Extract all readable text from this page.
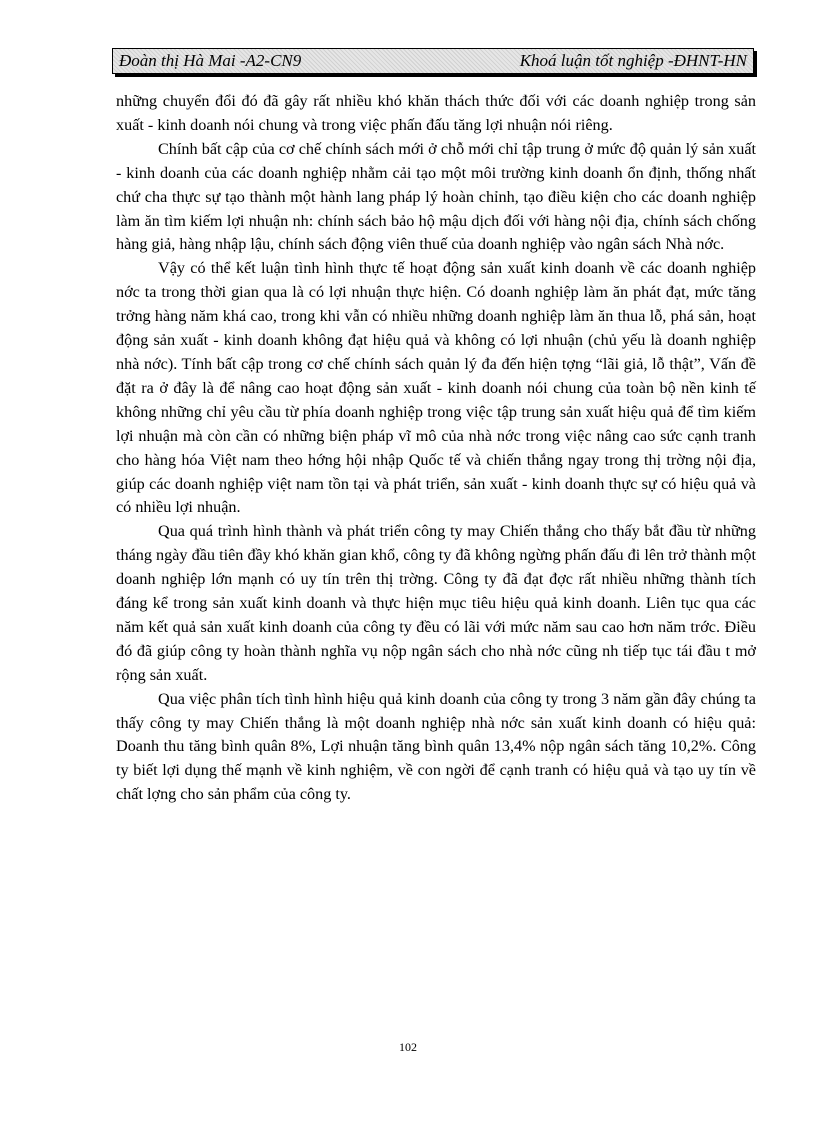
Đoàn thị Hà Mai -A2-CN9	Khoá luận tốt nghiệp -ĐHNT-HN

những chuyển đổi đó đã gây rất nhiều khó khăn thách thức đối với các doanh nghiệp trong sản xuất - kinh doanh nói chung và trong việc phấn đấu tăng lợi nhuận nói riêng.

Chính bất cập của cơ chế chính sách mới ở chỗ mới chỉ tập trung ở mức độ quản lý sản xuất - kinh doanh của các doanh nghiệp nhằm cải tạo một môi trường kinh doanh ổn định, thống nhất chứ cha thực sự tạo thành một hành lang pháp lý hoàn chỉnh, tạo điều kiện cho các doanh nghiệp làm ăn tìm kiếm lợi nhuận nh: chính sách bảo hộ mậu dịch đối với hàng nội địa, chính sách chống hàng giả, hàng nhập lậu, chính sách động viên thuế của doanh nghiệp vào ngân sách Nhà nớc.

Vậy có thể kết luận tình hình thực tế hoạt động sản xuất kinh doanh về các doanh nghiệp nớc ta trong thời gian qua là có lợi nhuận thực hiện. Có doanh nghiệp làm ăn phát đạt, mức tăng trởng hàng năm khá cao, trong khi vẫn có nhiều những doanh nghiệp làm ăn thua lỗ, phá sản, hoạt động sản xuất - kinh doanh không đạt hiệu quả và không có lợi nhuận (chủ yếu là doanh nghiệp nhà nớc). Tính bất cập trong cơ chế chính sách quản lý đa đến hiện tợng “lãi giả, lỗ thật”, Vấn đề đặt ra ở đây là để nâng cao hoạt động sản xuất - kinh doanh nói chung của toàn bộ nền kinh tế không những chỉ yêu cầu từ phía doanh nghiệp trong việc tập trung sản xuất hiệu quả để tìm kiếm lợi nhuận mà còn cần có những biện pháp vĩ mô của nhà nớc trong việc nâng cao sức cạnh tranh cho hàng hóa Việt nam theo hớng hội nhập Quốc tế và chiến thắng ngay trong thị trờng nội địa, giúp các doanh nghiệp việt nam tồn tại và phát triển, sản xuất - kinh doanh thực sự có hiệu quả và có nhiều lợi nhuận.

Qua quá trình hình thành và phát triển công ty may Chiến thắng cho thấy bắt đầu từ những tháng ngày đầu tiên đầy khó khăn gian khổ, công ty đã không ngừng phấn đấu đi lên trở thành một doanh nghiệp lớn mạnh có uy tín trên thị trờng. Công ty đã đạt đợc rất nhiều những thành tích đáng kể trong sản xuất kinh doanh và thực hiện mục tiêu hiệu quả kinh doanh. Liên tục qua các năm kết quả sản xuất kinh doanh của công ty đều có lãi với mức năm sau cao hơn năm trớc. Điều đó đã giúp công ty hoàn thành nghĩa vụ nộp ngân sách cho nhà nớc cũng nh tiếp tục tái đầu t mở rộng sản xuất.

Qua việc phân tích tình hình hiệu quả kinh doanh của công ty trong 3 năm gần đây chúng ta thấy công ty may Chiến thắng là một doanh nghiệp nhà nớc sản xuất kinh doanh có hiệu quả: Doanh thu tăng bình quân 8%, Lợi nhuận tăng bình quân 13,4% nộp ngân sách tăng 10,2%. Công ty biết lợi dụng thế mạnh về kinh nghiệm, về con ngời để cạnh tranh có hiệu quả và tạo uy tín về chất lợng cho sản phẩm của công ty.

102
